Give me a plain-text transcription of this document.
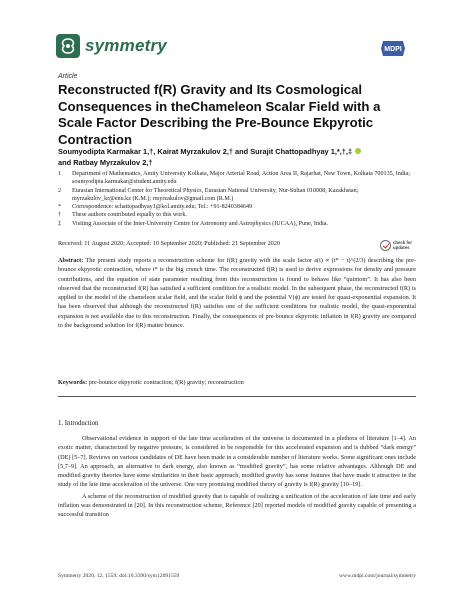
symmetry	MDPI
Article
Reconstructed f(R) Gravity and Its Cosmological Consequences in theChameleon Scalar Field with a Scale Factor Describing the Pre-Bounce Ekpyrotic Contraction
Soumyodipta Karmakar 1,†, Kairat Myrzakulov 2,† and Surajit Chattopadhyay 1,*,†,‡
and Ratbay Myrzakulov 2,†
1	Department of Mathematics, Amity University Kolkata, Major Arterial Road, Action Area II, Rajarhat, New Town, Kolkata 700135, India; soumyodipta.karmakar@student.amity.edu
2	Eurasian International Center for Theoretical Physics, Eurasian National University, Nur-Sultan 010008, Kazakhstan; myrzakulov_kr@enu.kz (K.M.); rmyrzakulov@gmail.com (R.M.)
*	Correspondence: schattopadhyay1@kol.amity.edu; Tel.: +91-8240384649
†	These authors contributed equally to this work.
‡	Visiting Associate of the Inter-University Centre for Astronomy and Astrophysics (IUCAA), Pune, India.
check for
updates
Received: 11 August 2020; Accepted: 10 September 2020; Published: 21 September 2020
Abstract: The present study reports a reconstruction scheme for f(R) gravity with the scale factor a(t) ∝ (t* − t)^(2/3) describing the pre-bounce ekpyrotic contraction, where t* is the big crunch time. The reconstructed f(R) is used to derive expressions for density and pressure contributions, and the equation of state parameter resulting from this reconstruction is found to behave like “quintom”. It has also been observed that the reconstructed f(R) has satisfied a sufficient condition for a realistic model. In the subsequent phase, the reconstructed f(R) is applied to the model of the chameleon scalar field, and the scalar field ϕ and the potential V(ϕ) are tested for quasi-exponential expansion. It has been observed that although the reconstructed f(R) satisfies one of the sufficient conditions for realistic model, the quasi-exponential expansion is not available due to this reconstruction. Finally, the consequences of pre-bounce ekpyrotic inflation in f(R) gravity are compared to the background solution for f(R) matter bounce.
Keywords: pre-bounce ekpyrotic contraction; f(R) gravity; reconstruction
1. Introduction

Observational evidence in support of the late time acceleration of the universe is documented in a plethora of literature [1–4]. An exotic matter, characterized by negative pressure, is considered to be responsible for this accelerated expansion and is dubbed “dark energy” (DE) [5–7]. Reviews on various candidates of DE have been made in a considerable number of literature works. Some significant ones include [5,7–9]. An approach, an alternative to dark energy, also known as “modified gravity”, has some relative advantages. Although DE and modified gravity theories have some similarities in their basic approach, modified gravity has some features that have made it attractive in the study of the late time acceleration of the universe. One very promising modified theory of gravity is f(R) gravity [10–19].

A scheme of the reconstruction of modified gravity that is capable of realizing a unification of the acceleration of late time and early inflation was demonstrated in [20]. In this reconstruction scheme, Reference [20] reported models of modified gravity capable of presenting a successful transition

Symmetry 2020, 12, 1559; doi:10.3390/sym12091559	www.mdpi.com/journal/symmetry
